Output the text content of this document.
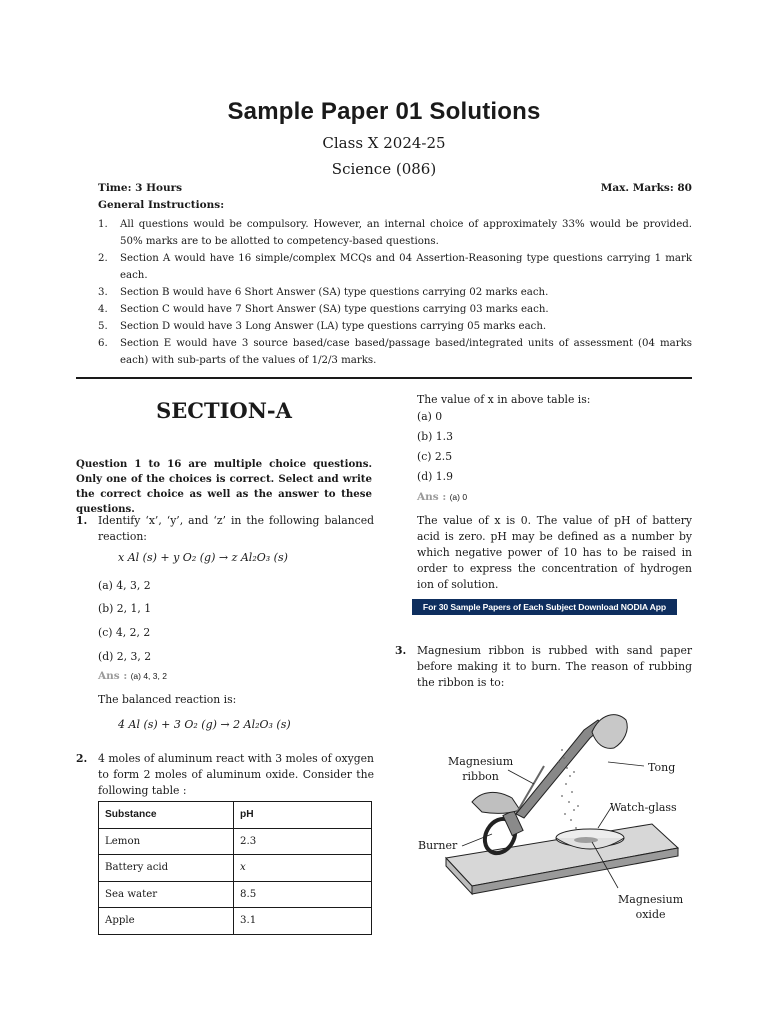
Sample Paper 01 Solutions
Class X 2024-25
Science (086)
Time: 3 Hours	Max. Marks: 80
General Instructions:
1. All questions would be compulsory. However, an internal choice of approximately 33% would be provided. 50% marks are to be allotted to competency-based questions.
2. Section A would have 16 simple/complex MCQs and 04 Assertion-Reasoning type questions carrying 1 mark each.
3. Section B would have 6 Short Answer (SA) type questions carrying 02 marks each.
4. Section C would have 7 Short Answer (SA) type questions carrying 03 marks each.
5. Section D would have 3 Long Answer (LA) type questions carrying 05 marks each.
6. Section E would have 3 source based/case based/passage based/integrated units of assessment (04 marks each) with sub-parts of the values of 1/2/3 marks.
SECTION-A
Question 1 to 16 are multiple choice questions. Only one of the choices is correct. Select and write the correct choice as well as the answer to these questions.
1. Identify ‘x’, ‘y’, and ‘z’ in the following balanced reaction:
x Al (s) + y O₂ (g) → z Al₂O₃ (s)
(a) 4, 3, 2
(b) 2, 1, 1
(c) 4, 2, 2
(d) 2, 3, 2
Ans : (a) 4, 3, 2
The balanced reaction is:
4 Al (s) + 3 O₂ (g) → 2 Al₂O₃ (s)
2. 4 moles of aluminum react with 3 moles of oxygen to form 2 moles of aluminum oxide. Consider the following table :
Substance	pH
Lemon	2.3
Battery acid	x
Sea water	8.5
Apple	3.1
The value of x in above table is:
(a) 0
(b) 1.3
(c) 2.5
(d) 1.9
Ans : (a) 0
The value of x is 0. The value of pH of battery acid is zero. pH may be defined as a number by which negative power of 10 has to be raised in order to express the concentration of hydrogen ion of solution.
For 30 Sample Papers of Each Subject Download NODIA App
3. Magnesium ribbon is rubbed with sand paper before making it to burn. The reason of rubbing the ribbon is to:
Magnesium
ribbon
Tong
Watch-glass
Burner
Magnesium
oxide
